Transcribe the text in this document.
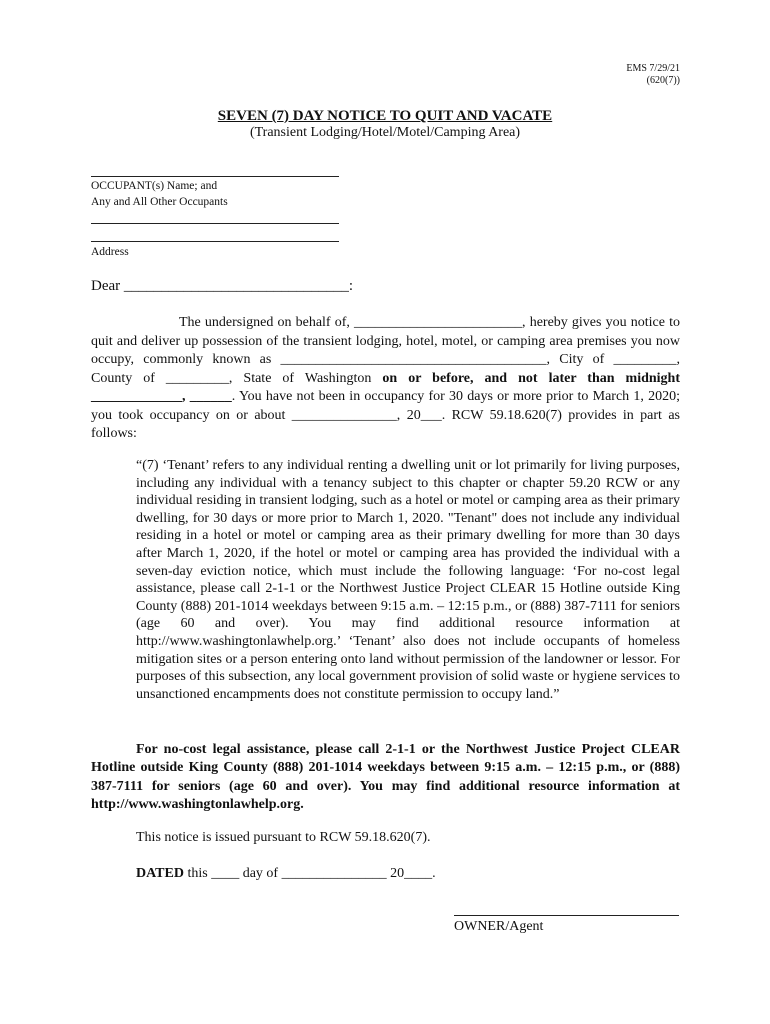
EMS 7/29/21
(620(7))
SEVEN (7) DAY NOTICE TO QUIT AND VACATE
(Transient Lodging/Hotel/Motel/Camping Area)
OCCUPANT(s) Name; and
Any and All Other Occupants
Address
Dear ______________________________:
The undersigned on behalf of, ________________________, hereby gives you notice to quit and deliver up possession of the transient lodging, hotel, motel, or camping area premises you now occupy, commonly known as ______________________________________, City of _________, County of _________, State of Washington on or before, and not later than midnight _____________, ______. You have not been in occupancy for 30 days or more prior to March 1, 2020; you took occupancy on or about _______________, 20___. RCW 59.18.620(7) provides in part as follows:
“(7) ‘Tenant’ refers to any individual renting a dwelling unit or lot primarily for living purposes, including any individual with a tenancy subject to this chapter or chapter 59.20 RCW or any individual residing in transient lodging, such as a hotel or motel or camping area as their primary dwelling, for 30 days or more prior to March 1, 2020. "Tenant" does not include any individual residing in a hotel or motel or camping area as their primary dwelling for more than 30 days after March 1, 2020, if the hotel or motel or camping area has provided the individual with a seven-day eviction notice, which must include the following language: ‘For no-cost legal assistance, please call 2-1-1 or the Northwest Justice Project CLEAR 15 Hotline outside King County (888) 201-1014 weekdays between 9:15 a.m. – 12:15 p.m., or (888) 387-7111 for seniors (age 60 and over). You may find additional resource information at http://www.washingtonlawhelp.org.’ ‘Tenant’ also does not include occupants of homeless mitigation sites or a person entering onto land without permission of the landowner or lessor. For purposes of this subsection, any local government provision of solid waste or hygiene services to unsanctioned encampments does not constitute permission to occupy land.”
For no-cost legal assistance, please call 2-1-1 or the Northwest Justice Project CLEAR Hotline outside King County (888) 201-1014 weekdays between 9:15 a.m. – 12:15 p.m., or (888) 387-7111 for seniors (age 60 and over). You may find additional resource information at http://www.washingtonlawhelp.org.
This notice is issued pursuant to RCW 59.18.620(7).
DATED this ____ day of _______________ 20____.
OWNER/Agent
